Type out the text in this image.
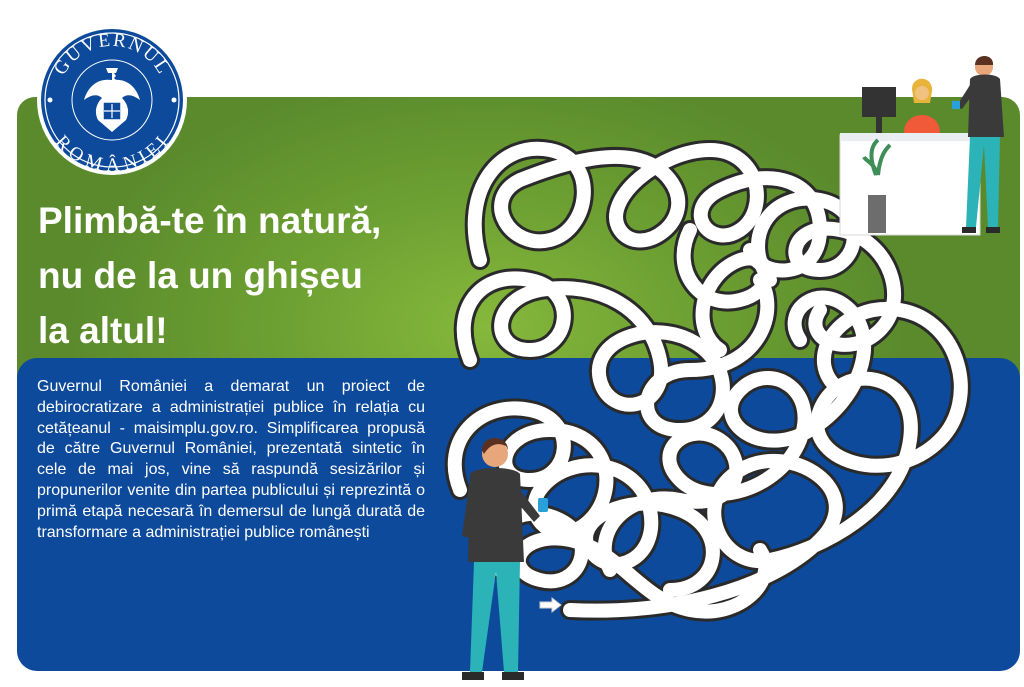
GUVERNUL
ROMÂNIEI
Plimbă-te în natură,
nu de la un ghișeu
la altul!

Guvernul României a demarat un proiect de debirocratizare a administrației publice în relația cu cetățeanul - maisimplu.gov.ro. Simplificarea propusă de către Guvernul României, prezentată sintetic în cele de mai jos, vine să raspundă sesizărilor și propunerilor venite din partea publicului și reprezintă o primă etapă necesară în demersul de lungă durată de transformare a administrației publice românești
